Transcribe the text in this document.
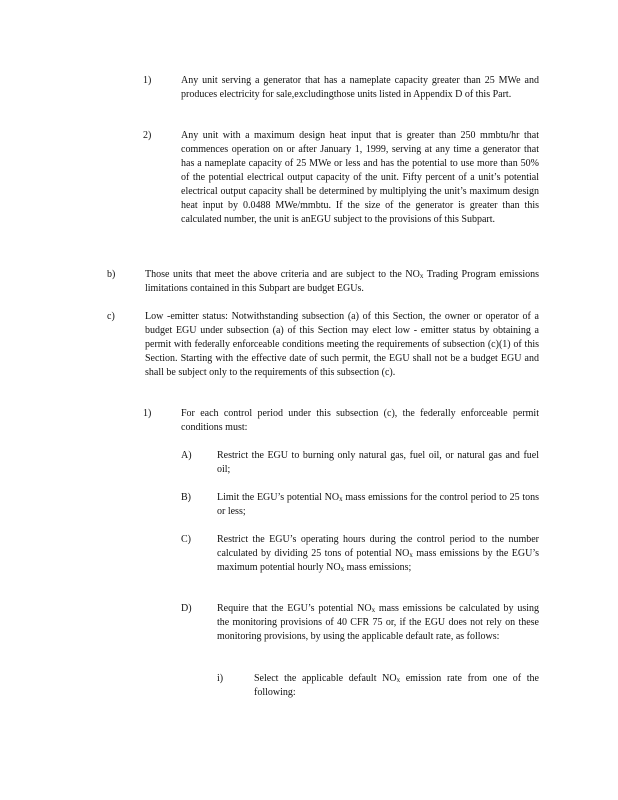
1)	Any unit serving a generator that has a nameplate capacity greater than 25 MWe and produces electricity for sale,excludingthose units listed in Appendix D of this Part.
2)	Any unit with a maximum design heat input that is greater than 250 mmbtu/hr that commences operation on or after January 1, 1999, serving at any time a generator that has a nameplate capacity of 25 MWe or less and has the potential to use more than 50% of the potential electrical output capacity of the unit. Fifty percent of a unit’s potential electrical output capacity shall be determined by multiplying the unit’s maximum design heat input by 0.0488 MWe/mmbtu. If the size of the generator is greater than this calculated number, the unit is anEGU subject to the provisions of this Subpart.
b)	Those units that meet the above criteria and are subject to the $NO_x$ Trading Program emissions limitations contained in this Subpart are budget EGUs.
c)	Low -emitter status: Notwithstanding subsection (a) of this Section, the owner or operator of a budget EGU under subsection (a) of this Section may elect low - emitter status by obtaining a permit with federally enforceable conditions meeting the requirements of subsection (c)(1) of this Section. Starting with the effective date of such permit, the EGU shall not be a budget EGU and shall be subject only to the requirements of this subsection (c).
1)	For each control period under this subsection (c), the federally enforceable permit conditions must:
A)	Restrict the EGU to burning only natural gas, fuel oil, or natural gas and fuel oil;
B)	Limit the EGU’s potential $NO_x$ mass emissions for the control period to 25 tons or less;
C)	Restrict the EGU’s operating hours during the control period to the number calculated by dividing 25 tons of potential $NO_x$ mass emissions by the EGU’s maximum potential hourly $NO_x$ mass emissions;
D)	Require that the EGU’s potential $NO_x$ mass emissions be calculated by using the monitoring provisions of 40 CFR 75 or, if the EGU does not rely on these monitoring provisions, by using the applicable default rate, as follows:
i)	Select the applicable default $NO_x$ emission rate from one of the following:
